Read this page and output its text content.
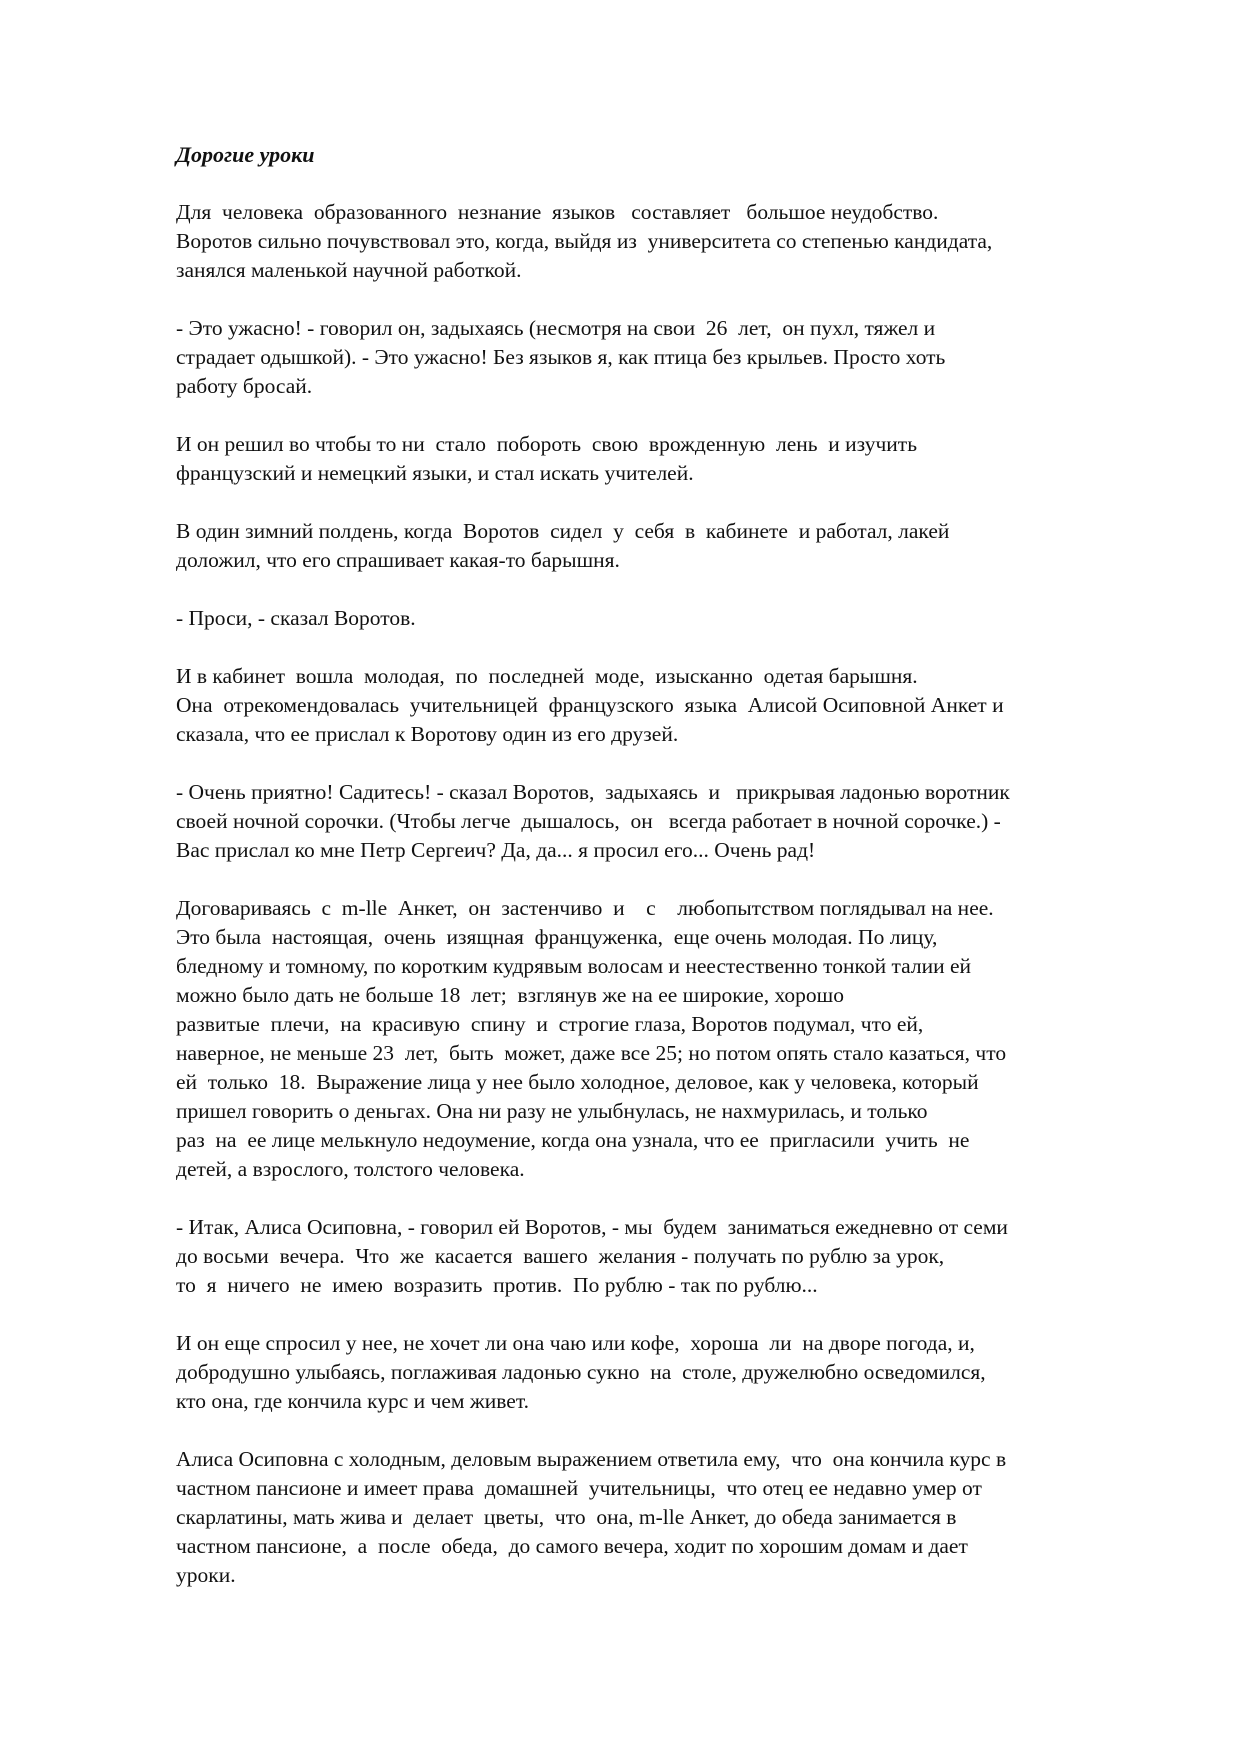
Дорогие уроки

Для  человека  образованного  незнание  языков   составляет   большое неудобство.
Воротов сильно почувствовал это, когда, выйдя из  университета со степенью кандидата,
занялся маленькой научной работкой.

- Это ужасно! - говорил он, задыхаясь (несмотря на свои  26  лет,  он пухл, тяжел и
страдает одышкой). - Это ужасно! Без языков я, как птица без крыльев. Просто хоть
работу бросай.

И он решил во чтобы то ни  стало  побороть  свою  врожденную  лень  и изучить
французский и немецкий языки, и стал искать учителей.

В один зимний полдень, когда  Воротов  сидел  у  себя  в  кабинете  и работал, лакей
доложил, что его спрашивает какая-то барышня.

- Проси, - сказал Воротов.

И в кабинет  вошла  молодая,  по  последней  моде,  изысканно  одетая барышня.
Она  отрекомендовалась  учительницей  французского  языка  Алисой Осиповной Анкет и
сказала, что ее прислал к Воротову один из его друзей.

- Очень приятно! Садитесь! - сказал Воротов,  задыхаясь  и   прикрывая ладонью воротник
своей ночной сорочки. (Чтобы легче  дышалось,  он   всегда работает в ночной сорочке.) -
Вас прислал ко мне Петр Сергеич? Да, да... я просил его... Очень рад!

Договариваясь  с  m-lle  Анкет,  он  застенчиво  и    с    любопытством поглядывал на нее.
Это была  настоящая,  очень  изящная  француженка,  еще очень молодая. По лицу,
бледному и томному, по коротким кудрявым волосам и неестественно тонкой талии ей
можно было дать не больше 18  лет;  взглянув же на ее широкие, хорошо
развитые  плечи,  на  красивую  спину  и  строгие глаза, Воротов подумал, что ей,
наверное, не меньше 23  лет,  быть  может, даже все 25; но потом опять стало казаться, что
ей  только  18.  Выражение лица у нее было холодное, деловое, как у человека, который
пришел говорить о деньгах. Она ни разу не улыбнулась, не нахмурилась, и только
раз  на  ее лице мелькнуло недоумение, когда она узнала, что ее  пригласили  учить  не
детей, а взрослого, толстого человека.

- Итак, Алиса Осиповна, - говорил ей Воротов, - мы  будем  заниматься ежедневно от семи
до восьми  вечера.  Что  же  касается  вашего  желания - получать по рублю за урок,
то  я  ничего  не  имею  возразить  против.  По рублю - так по рублю...

И он еще спросил у нее, не хочет ли она чаю или кофе,  хороша  ли  на дворе погода, и,
добродушно улыбаясь, поглаживая ладонью сукно  на  столе, дружелюбно осведомился,
кто она, где кончила курс и чем живет.

Алиса Осиповна с холодным, деловым выражением ответила ему,  что  она кончила курс в
частном пансионе и имеет права  домашней  учительницы,  что отец ее недавно умер от
скарлатины, мать жива и  делает  цветы,  что  она, m-lle Анкет, до обеда занимается в
частном пансионе,  а  после  обеда,  до самого вечера, ходит по хорошим домам и дает
уроки.
